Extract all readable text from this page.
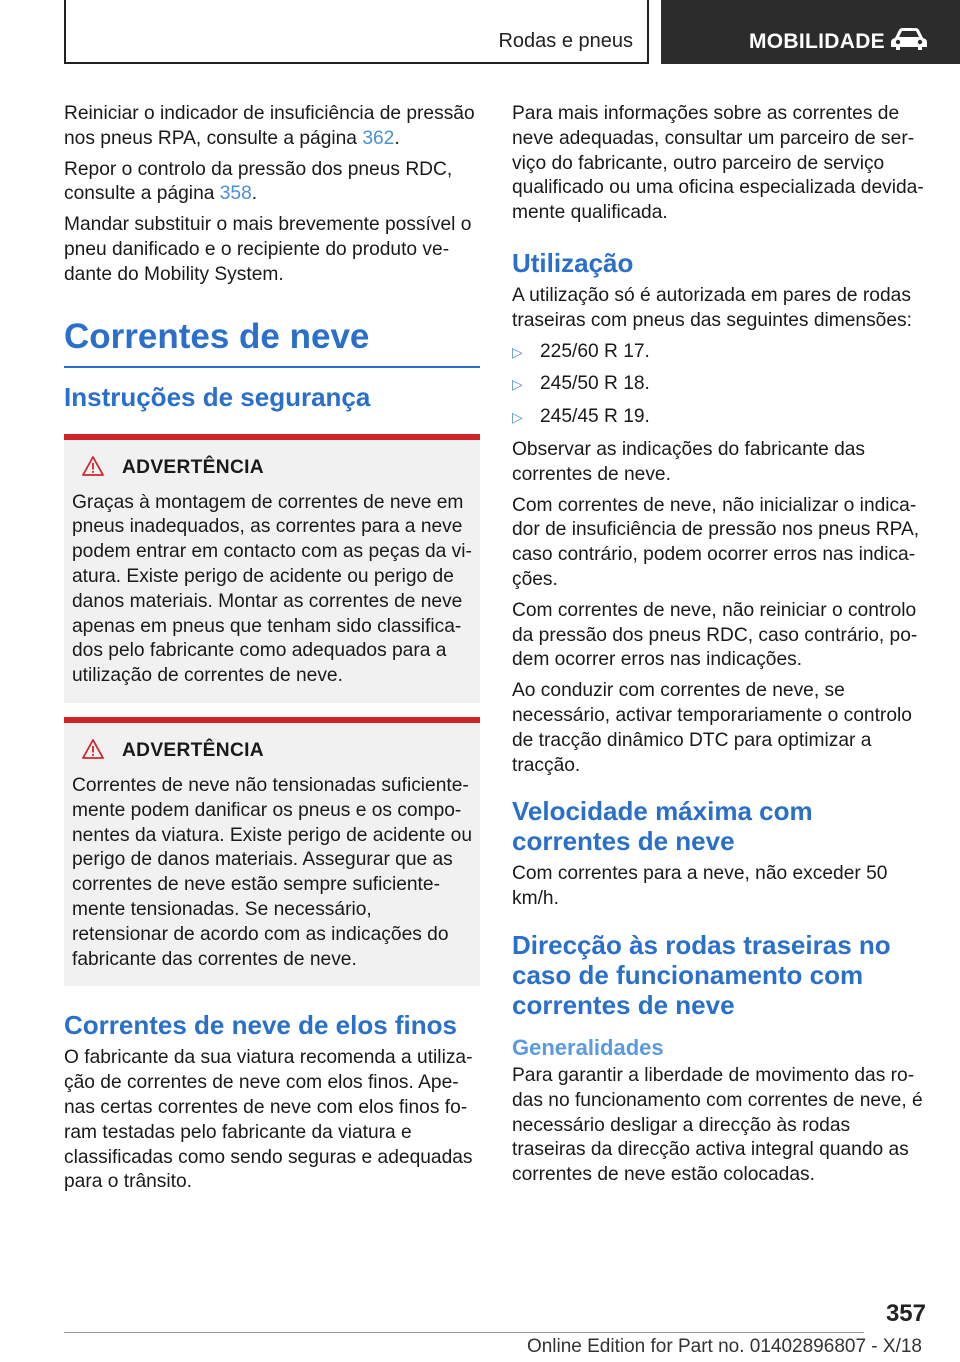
Rodas e pneus	MOBILIDADE

Reiniciar o indicador de insuficiência de pressão nos pneus RPA, consulte a página 362.

Repor o controlo da pressão dos pneus RDC, consulte a página 358.

Mandar substituir o mais brevemente possível o pneu danificado e o recipiente do produto vedante do Mobility System.

Correntes de neve
Instruções de segurança
ADVERTÊNCIA

Graças à montagem de correntes de neve em pneus inadequados, as correntes para a neve podem entrar em contacto com as peças da viatura. Existe perigo de acidente ou perigo de danos materiais. Montar as correntes de neve apenas em pneus que tenham sido classificados pelo fabricante como adequados para a utilização de correntes de neve.

ADVERTÊNCIA

Correntes de neve não tensionadas suficientemente podem danificar os pneus e os componentes da viatura. Existe perigo de acidente ou perigo de danos materiais. Assegurar que as correntes de neve estão sempre suficientemente tensionadas. Se necessário, retensionar de acordo com as indicações do fabricante das correntes de neve.

Correntes de neve de elos finos

O fabricante da sua viatura recomenda a utilização de correntes de neve com elos finos. Apenas certas correntes de neve com elos finos foram testadas pelo fabricante da viatura e classificadas como sendo seguras e adequadas para o trânsito.

Para mais informações sobre as correntes de neve adequadas, consultar um parceiro de serviço do fabricante, outro parceiro de serviço qualificado ou uma oficina especializada devidamente qualificada.

Utilização

A utilização só é autorizada em pares de rodas traseiras com pneus das seguintes dimensões:

▷ 225/60 R 17.
▷ 245/50 R 18.
▷ 245/45 R 19.

Observar as indicações do fabricante das correntes de neve.

Com correntes de neve, não inicializar o indicador de insuficiência de pressão nos pneus RPA, caso contrário, podem ocorrer erros nas indicações.

Com correntes de neve, não reiniciar o controlo da pressão dos pneus RDC, caso contrário, podem ocorrer erros nas indicações.

Ao conduzir com correntes de neve, se necessário, activar temporariamente o controlo de tracção dinâmico DTC para optimizar a tracção.

Velocidade máxima com correntes de neve

Com correntes para a neve, não exceder 50 km/h.

Direcção às rodas traseiras no caso de funcionamento com correntes de neve
Generalidades

Para garantir a liberdade de movimento das rodas no funcionamento com correntes de neve, é necessário desligar a direcção às rodas traseiras da direcção activa integral quando as correntes de neve estão colocadas.

357
Online Edition for Part no. 01402896807 - X/18
